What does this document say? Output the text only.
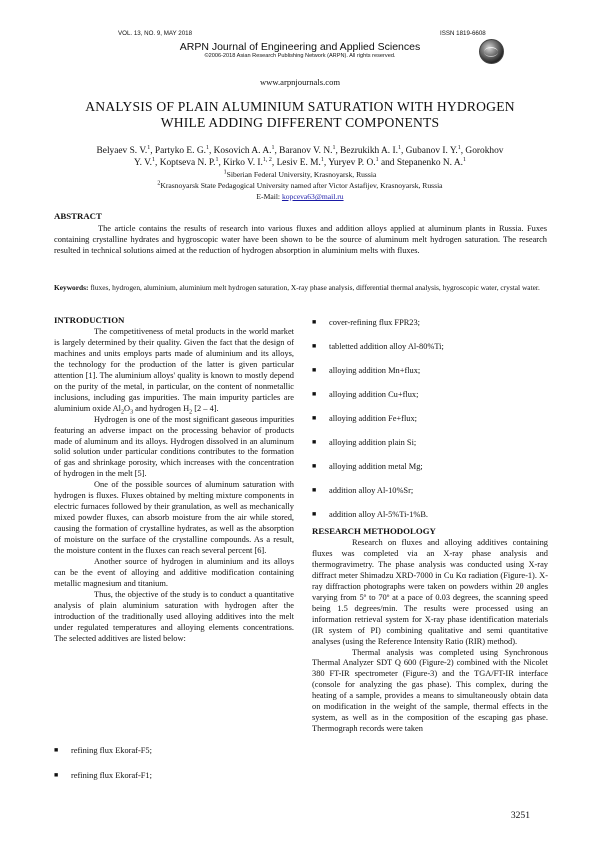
VOL. 13, NO. 9, MAY 2018	ISSN 1819-6608
ARPN Journal of Engineering and Applied Sciences
©2006-2018 Asian Research Publishing Network (ARPN). All rights reserved.
www.arpnjournals.com
ANALYSIS OF PLAIN ALUMINIUM SATURATION WITH HYDROGEN
WHILE ADDING DIFFERENT COMPONENTS
Belyaev S. V.$^1$, Partyko E. G.$^1$, Kosovich A. A.$^1$, Baranov V. N.$^1$, Bezrukikh A. I.$^1$, Gubanov I. Y.$^1$, Gorokhov
Y. V.$^1$, Koptseva N. P.$^1$, Kirko V. I.$^{1, 2}$, Lesiv E. M.$^1$, Yuryev P. O.$^1$ and Stepanenko N. A.$^1$
$^1$Siberian Federal University, Krasnoyarsk, Russia
$^2$Krasnoyarsk State Pedagogical University named after Victor Astafijev, Krasnoyarsk, Russia
E-Mail: kopceva63@mail.ru
ABSTRACT
The article contains the results of research into various fluxes and addition alloys applied at aluminum plants in Russia. Fuxes containing crystalline hydrates and hygroscopic water have been shown to be the source of aluminum melt hydrogen saturation. The research resulted in technical solutions aimed at the reduction of hydrogen absorption in aluminium melts with fluxes.
Keywords: fluxes, hydrogen, aluminium, aluminium melt hydrogen saturation, X-ray phase analysis, differential thermal analysis, hygroscopic water, crystal water.
INTRODUCTION

The competitiveness of metal products in the world market is largely determined by their quality. Given the fact that the design of machines and units employs parts made of aluminium and its alloys, the technology for the production of the latter is given particular attention [1]. The aluminium alloys' quality is known to mostly depend on the purity of the metal, in particular, on the content of nonmetallic inclusions, including gas impurities. The main impurity particles are aluminium oxide $Al_2O_3$ and hydrogen $H_2$ [2 – 4].

Hydrogen is one of the most significant gaseous impurities featuring an adverse impact on the processing behavior of products made of aluminum and its alloys. Hydrogen dissolved in an aluminum solid solution under particular conditions contributes to the formation of gas and shrinkage porosity, which increases with the concentration of hydrogen in the melt [5].

One of the possible sources of aluminum saturation with hydrogen is fluxes. Fluxes obtained by melting mixture components in electric furnaces followed by their granulation, as well as mechanically mixed powder fluxes, can absorb moisture from the air while stored, causing the formation of crystalline hydrates, as well as the absorption of moisture on the surface of the crystalline compounds. As a result, the moisture content in the fluxes can reach several percent [6].

Another source of hydrogen in aluminium and its alloys can be the event of alloying and additive modification containing metallic magnesium and titanium.

Thus, the objective of the study is to conduct a quantitative analysis of plain aluminium saturation with hydrogen after the introduction of the traditionally used alloying additives into the melt under regulated temperatures and alloying elements concentrations. The selected additives are listed below:

■ refining flux Ekoraf-F5;
■ refining flux Ekoraf-F1;
■ cover-refining flux FPR23;
■ tabletted addition alloy Al-80%Ti;
■ alloying addition Mn+flux;
■ alloying addition Cu+flux;
■ alloying addition Fe+flux;
■ alloying addition plain Si;
■ alloying addition metal Mg;
■ addition alloy Al-10%Sr;
■ addition alloy Al-5%Ti-1%B.
RESEARCH METHODOLOGY

Research on fluxes and alloying additives containing fluxes was completed via an X-ray phase analysis and thermogravimetry. The phase analysis was conducted using X-ray diffract meter Shimadzu XRD-7000 in Cu Kα radiation (Figure-1). X-ray diffraction photographs were taken on powders within 2θ angles varying from 5º to 70º at a pace of 0.03 degrees, the scanning speed being 1.5 degrees/min. The results were processed using an information retrieval system for X-ray phase identification materials (IR system of PI) combining qualitative and semi quantitative analyses (using the Reference Intensity Ratio (RIR) method).

Thermal analysis was completed using Synchronous Thermal Analyzer SDT Q 600 (Figure-2) combined with the Nicolet 380 FT-IR spectrometer (Figure-3) and the TGA/FT-IR interface (console for analyzing the gas phase). This complex, during the heating of a sample, provides a means to simultaneously obtain data on modification in the weight of the sample, thermal effects in the system, as well as in the composition of the escaping gas phase. Thermograph records were taken

3251
